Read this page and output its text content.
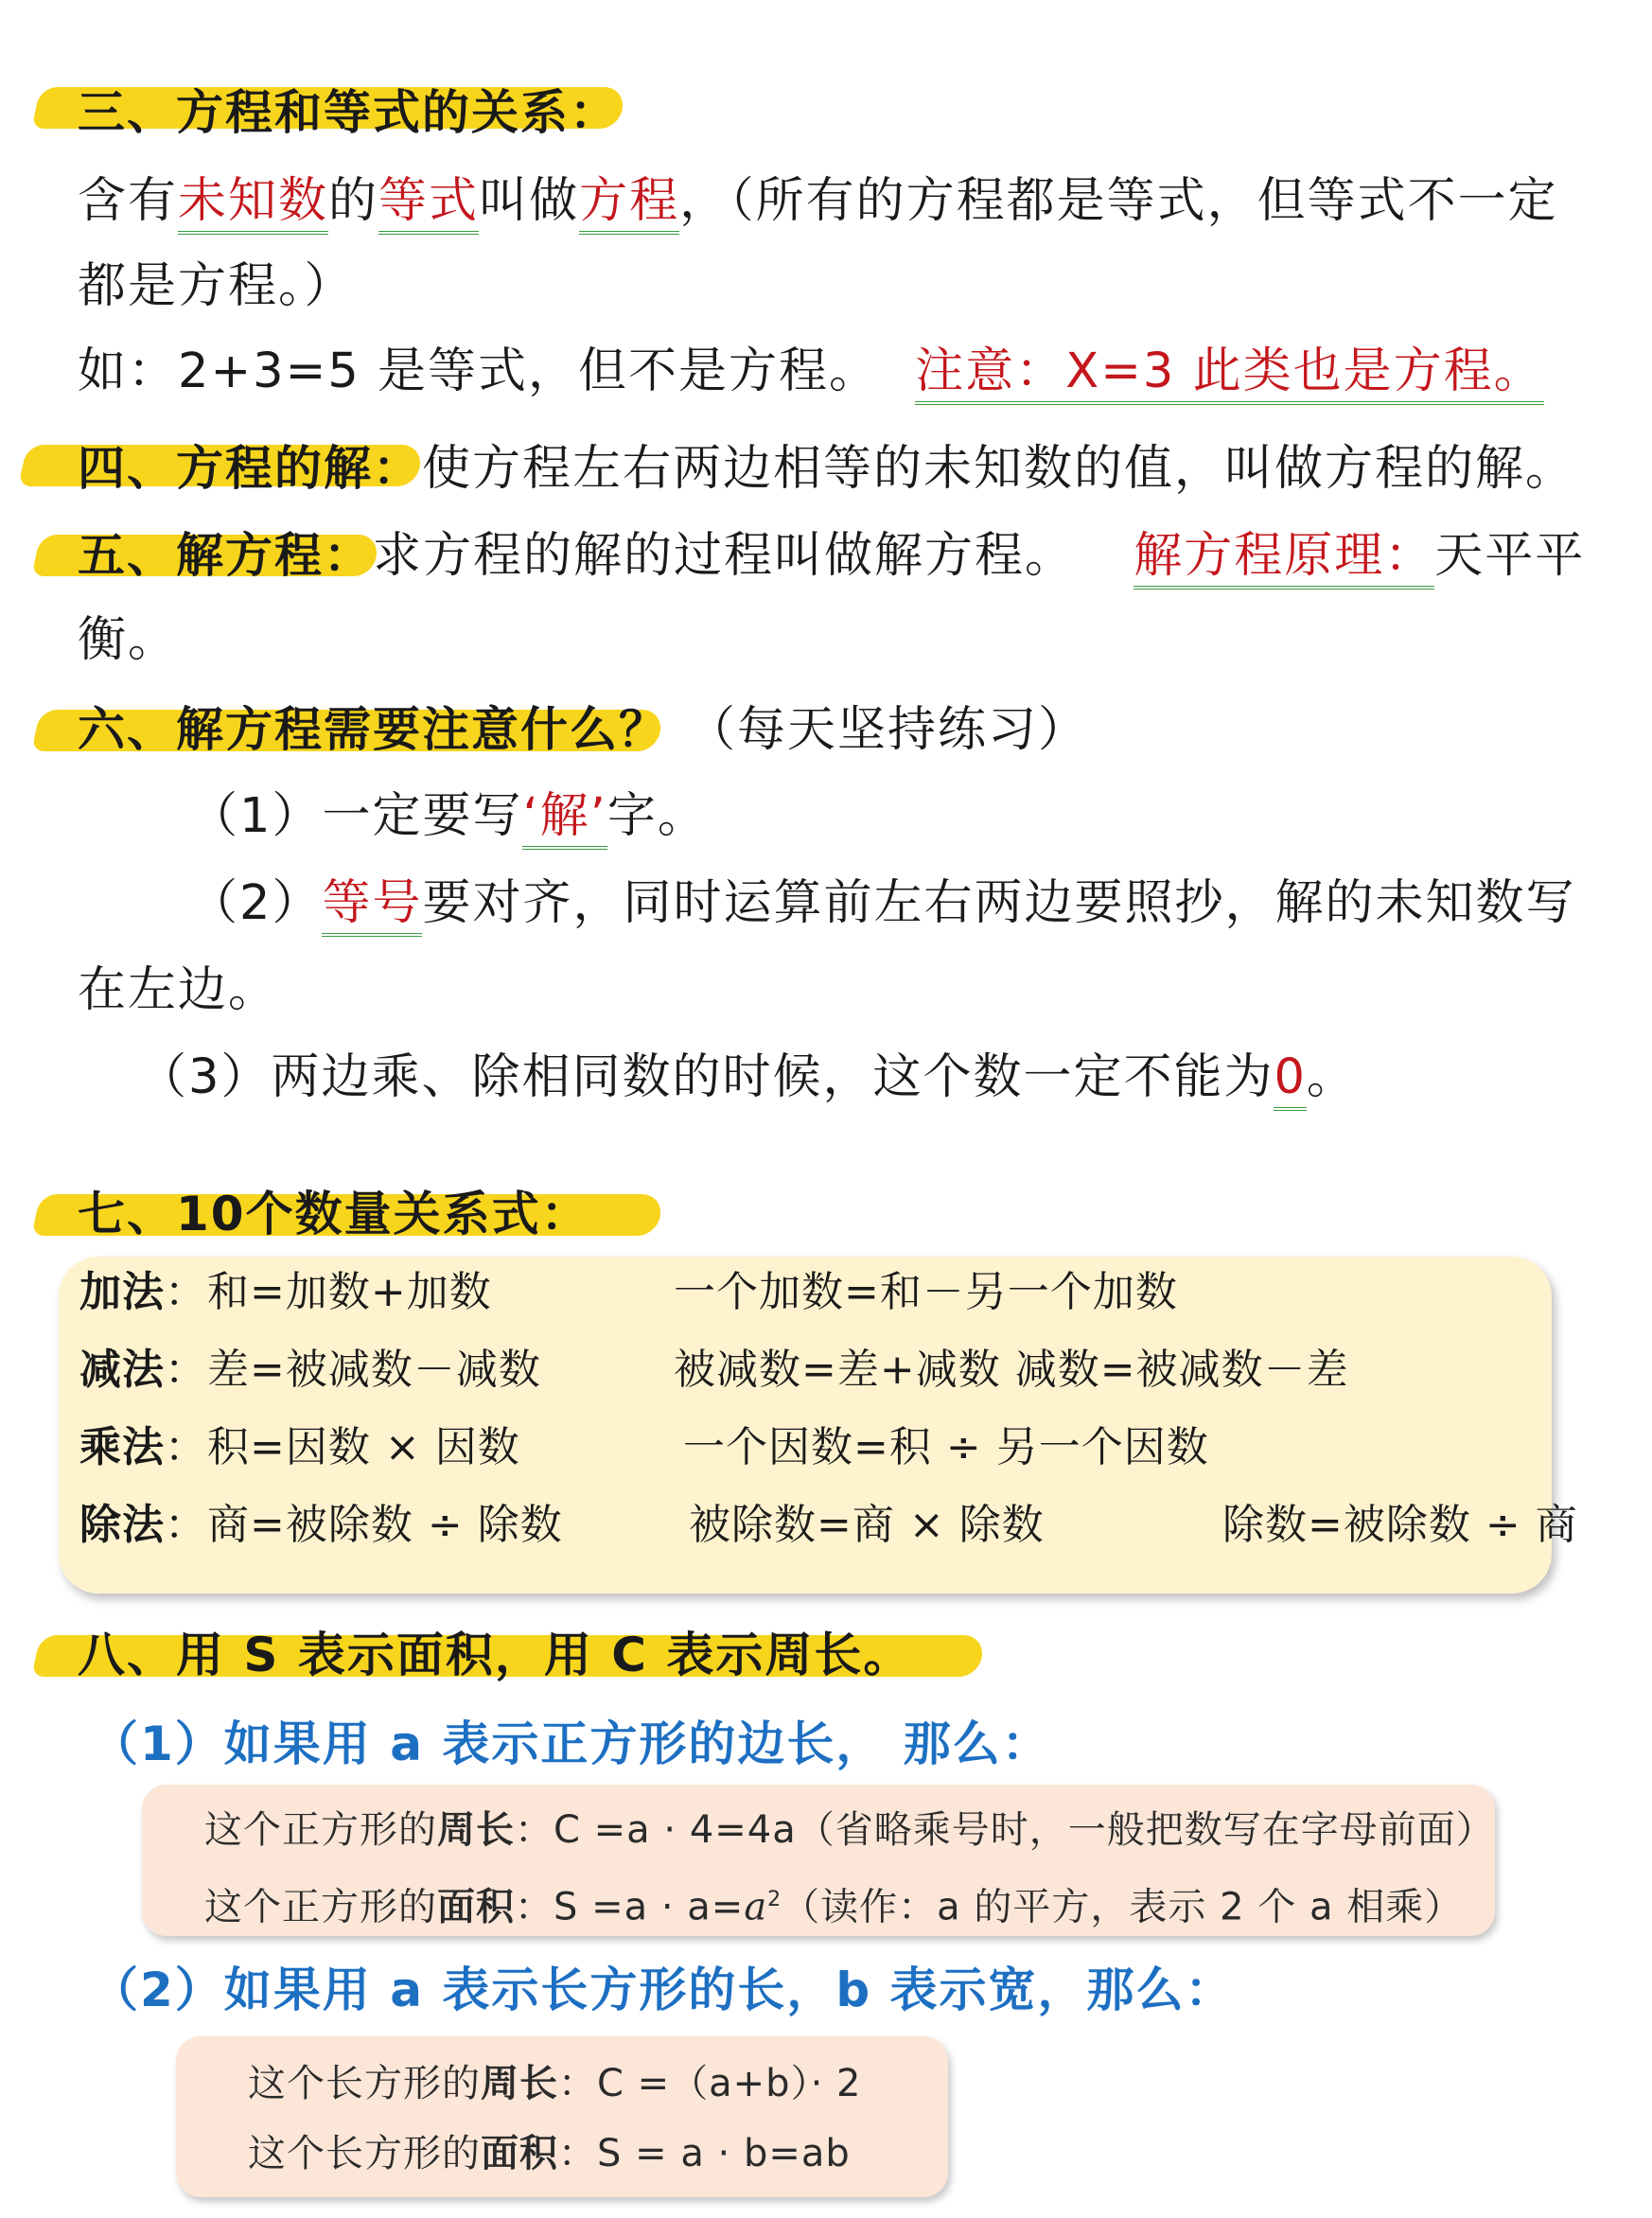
三、方程和等式的关系：
含有未知数的等式叫做方程，（所有的方程都是等式，但等式不一定
都是方程。）
如：2+3=5 是等式，但不是方程。 注意：X=3 此类也是方程。
四、方程的解：使方程左右两边相等的未知数的值，叫做方程的解。
五、解方程：求方程的解的过程叫做解方程。 解方程原理：天平平
衡。
六、解方程需要注意什么？ （每天坚持练习）
（1）一定要写‘解’字。
（2）等号要对齐，同时运算前左右两边要照抄，解的未知数写
在左边。
（3）两边乘、除相同数的时候，这个数一定不能为0。
七、10个数量关系式：
加法：和=加数+加数	一个加数=和－另一个加数
减法：差=被减数－减数	被减数=差+减数 减数=被减数－差
乘法：积=因数 × 因数	一个因数=积 ÷ 另一个因数
除法：商=被除数 ÷ 除数	被除数=商 × 除数	除数=被除数 ÷ 商
八、用 S 表示面积，用 C 表示周长。
（1）如果用 a 表示正方形的边长， 那么：
这个正方形的周长：C =a · 4=4a（省略乘号时，一般把数写在字母前面）
这个正方形的面积：$S =a \cdot a=a^2$（读作：a 的平方，表示 2 个 a 相乘）
（2）如果用 a 表示长方形的长，b 表示宽，那么：
这个长方形的周长：C =（a+b）· 2
这个长方形的面积：S = a · b=ab
